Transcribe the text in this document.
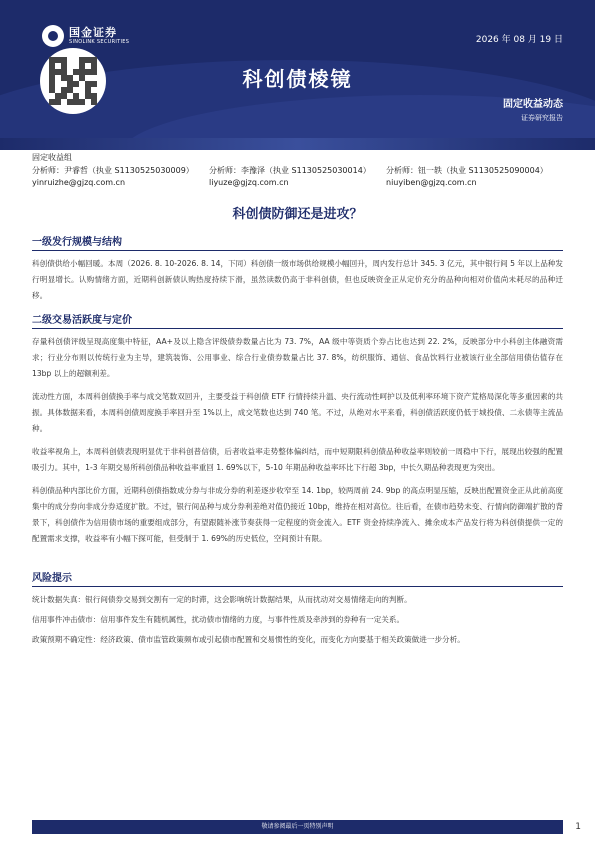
国金证券
SINOLINK SECURITIES	2026 年 08 月 19 日
科创债棱镜
固定收益动态
证券研究报告
固定收益组
分析师：尹睿哲（执业 S1130525030009）
yinruizhe@gjzq.com.cn
分析师：李豫泽（执业 S1130525030014）
liyuze@gjzq.com.cn
分析师：钮一轶（执业 S1130525090004）
niuyiben@gjzq.com.cn
科创债防御还是进攻？
一级发行规模与结构
科创债供给小幅回暖。本周（2026. 8. 10-2026. 8. 14，下同）科创债一级市场供给规模小幅回升，周内发行总计 345. 3 亿元，其中银行间 5 年以上品种发行明显增长。认购情绪方面，近期科创新债认购热度持续下滑，虽然读数仍高于非科创债，但也反映资金正从定价充分的品种向相对价值尚未耗尽的品种迁移。
二级交易活跃度与定价
存量科创债评级呈现高度集中特征，AA+及以上隐含评级债券数量占比为 73. 7%，AA 级中等资质个券占比也达到 22. 2%，反映部分中小科创主体融资需求；行业分布则以传统行业为主导，建筑装饰、公用事业、综合行业债券数量占比 37. 8%，纺织服饰、通信、食品饮料行业被该行业全部信用债估值存在 13bp 以上的超额利差。
流动性方面，本周科创债换手率与成交笔数双回升，主要受益于科创债 ETF 行情持续升温、央行流动性呵护以及低利率环境下资产荒格局深化等多重因素的共振。具体数据来看，本周科创债周度换手率回升至 1%以上，成交笔数也达到 740 笔。不过，从绝对水平来看，科创债活跃度仍低于城投债、二永债等主流品种。
收益率视角上，本周科创债表现明显优于非科创普信债，后者收益率走势整体偏纠结，而中短期限科创债品种收益率则较前一周稳中下行，展现出较强的配置吸引力。其中，1-3 年期交易所科创债品种收益率重回 1. 69%以下，5-10 年期品种收益率环比下行超 3bp，中长久期品种表现更为突出。
科创债品种内部比价方面，近期科创债指数成分券与非成分券的利差逐步收窄至 14. 1bp，较两周前 24. 9bp 的高点明显压缩，反映出配置资金正从此前高度集中的成分券向非成分券适度扩散。不过，银行间品种与成分券利差绝对值仍接近 10bp，维持在相对高位。往后看，在债市趋势未变、行情向防御端扩散的背景下，科创债作为信用债市场的重要组成部分，有望跟随补涨节奏获得一定程度的资金流入。ETF 资金持续净流入、摊余成本产品发行将为科创债提供一定的配置需求支撑，收益率有小幅下探可能，但受制于 1. 69%的历史低位，空间预计有限。
风险提示
统计数据失真：银行间债券交易到交割有一定的时滞，这会影响统计数据结果，从而扰动对交易情绪走向的判断。
信用事件冲击债市：信用事件发生有随机属性，扰动债市情绪的力度，与事件性质及牵涉到的券种有一定关系。
政策预期不确定性：经济政策、债市监管政策频布或引起债市配置和交易惯性的变化，而变化方向要基于相关政策做进一步分析。
敬请参阅最后一页特别声明	1
